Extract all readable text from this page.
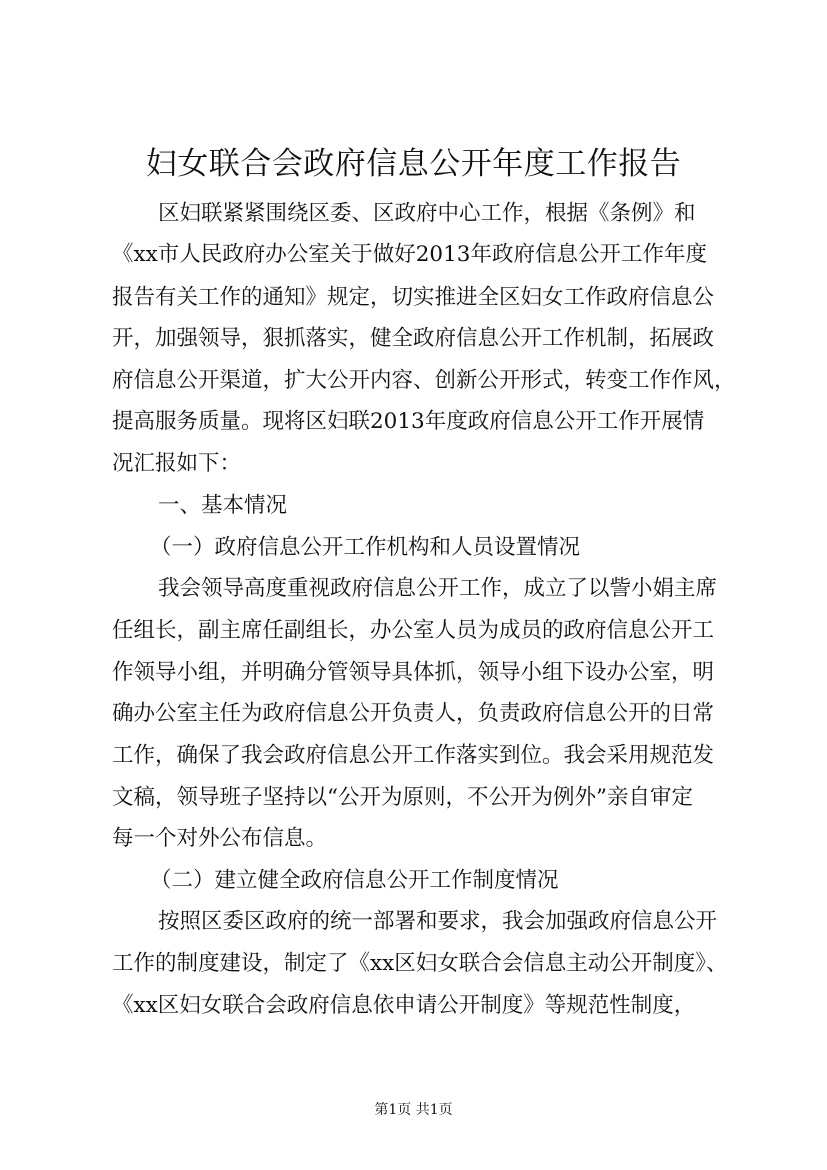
妇女联合会政府信息公开年度工作报告
区妇联紧紧围绕区委、区政府中心工作，根据《条例》和
《xx市人民政府办公室关于做好2013年政府信息公开工作年度
报告有关工作的通知》规定，切实推进全区妇女工作政府信息公
开，加强领导，狠抓落实，健全政府信息公开工作机制，拓展政
府信息公开渠道，扩大公开内容、创新公开形式，转变工作作风，
提高服务质量。现将区妇联2013年度政府信息公开工作开展情
况汇报如下：
一、基本情况
（一）政府信息公开工作机构和人员设置情况
我会领导高度重视政府信息公开工作，成立了以訾小娟主席
任组长，副主席任副组长，办公室人员为成员的政府信息公开工
作领导小组，并明确分管领导具体抓，领导小组下设办公室，明
确办公室主任为政府信息公开负责人，负责政府信息公开的日常
工作，确保了我会政府信息公开工作落实到位。我会采用规范发
文稿，领导班子坚持以“公开为原则，不公开为例外”亲自审定
每一个对外公布信息。
（二）建立健全政府信息公开工作制度情况
按照区委区政府的统一部署和要求，我会加强政府信息公开
工作的制度建设，制定了《xx区妇女联合会信息主动公开制度》、
《xx区妇女联合会政府信息依申请公开制度》等规范性制度，
第1页 共1页
